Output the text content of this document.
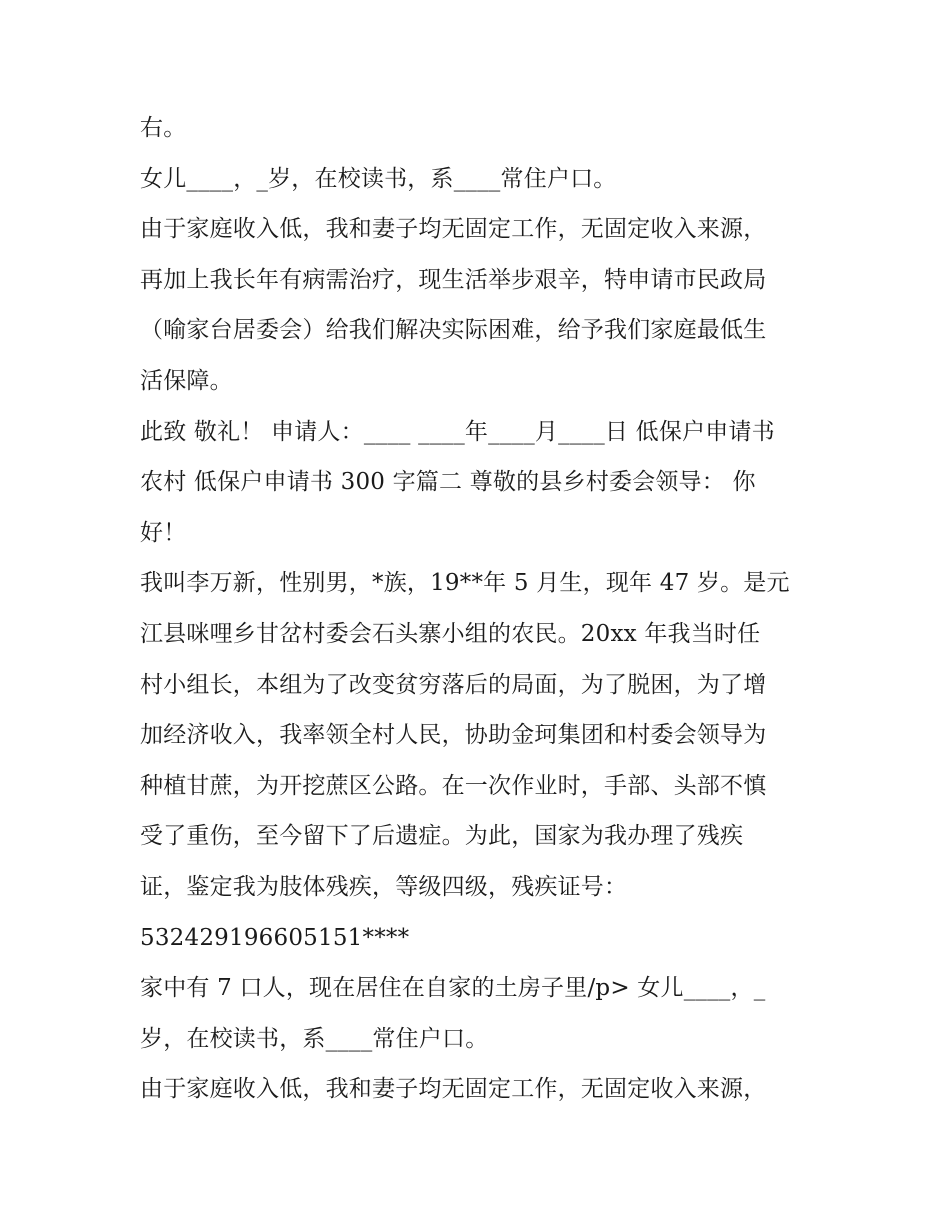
右。
女儿____，_岁，在校读书，系____常住户口。
由于家庭收入低，我和妻子均无固定工作，无固定收入来源，
再加上我长年有病需治疗，现生活举步艰辛，特申请市民政局
（喻家台居委会）给我们解决实际困难，给予我们家庭最低生
活保障。
此致 敬礼！ 申请人：____ ____年____月____日 低保户申请书
农村 低保户申请书 300 字篇二 尊敬的县乡村委会领导： 你
好！
我叫李万新，性别男，*族，19**年 5 月生，现年 47 岁。是元
江县咪哩乡甘岔村委会石头寨小组的农民。20xx 年我当时任
村小组长，本组为了改变贫穷落后的局面，为了脱困，为了增
加经济收入，我率领全村人民，协助金珂集团和村委会领导为
种植甘蔗，为开挖蔗区公路。在一次作业时，手部、头部不慎
受了重伤，至今留下了后遗症。为此，国家为我办理了残疾
证，鉴定我为肢体残疾，等级四级，残疾证号：
532429196605151****
家中有 7 口人，现在居住在自家的土房子里/p> 女儿____，_
岁，在校读书，系____常住户口。
由于家庭收入低，我和妻子均无固定工作，无固定收入来源，
